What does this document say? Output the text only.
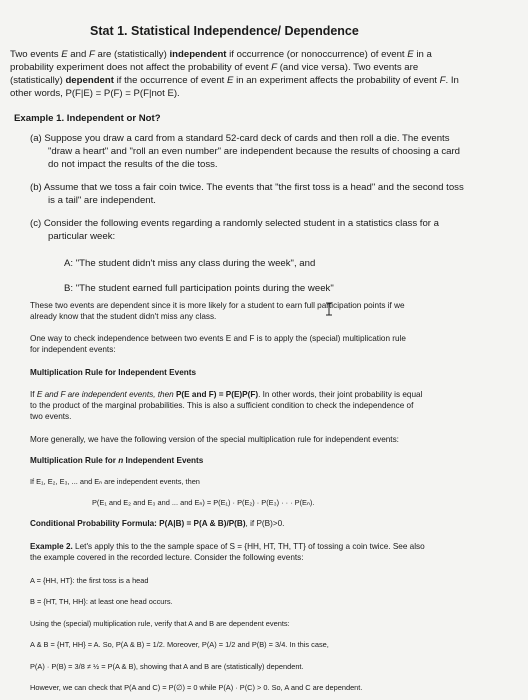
Stat 1. Statistical Independence/ Dependence
Two events E and F are (statistically) independent if occurrence (or nonoccurrence) of event E in a
probability experiment does not affect the probability of event F (and vice versa). Two events are
(statistically) dependent if the occurrence of event E in an experiment affects the probability of event F. In
other words, P(F|E) = P(F) = P(F|not E).
Example 1. Independent or Not?
(a) Suppose you draw a card from a standard 52-card deck of cards and then roll a die. The events
"draw a heart" and "roll an even number" are independent because the results of choosing a card
do not impact the results of the die toss.
(b) Assume that we toss a fair coin twice. The events that "the first toss is a head" and the second toss
is a tail" are independent.
(c) Consider the following events regarding a randomly selected student in a statistics class for a
particular week:
A: "The student didn't miss any class during the week", and
B: "The student earned full participation points during the week"
These two events are dependent since it is more likely for a student to earn full participation points if we
already know that the student didn't miss any class.
One way to check independence between two events E and F is to apply the (special) multiplication rule
for independent events:
Multiplication Rule for Independent Events
If E and F are independent events, then P(E and F) = P(E)P(F). In other words, their joint probability is equal
to the product of the marginal probabilities. This is also a sufficient condition to check the independence of
two events.
More generally, we have the following version of the special multiplication rule for independent events:
Multiplication Rule for n Independent Events
If E₁, E₂, E₃, ... and Eₙ are independent events, then
P(E₁ and E₂ and E₃ and ... and Eₙ) = P(E₁) · P(E₂) · P(E₃) · · · P(Eₙ).
Conditional Probability Formula: P(A|B) = P(A & B)/P(B), if P(B)>0.
Example 2. Let's apply this to the the sample space of S = {HH, HT, TH, TT} of tossing a coin twice. See also
the example covered in the recorded lecture. Consider the following events:
A = {HH, HT}: the first toss is a head
B = {HT, TH, HH}: at least one head occurs.
Using the (special) multiplication rule, verify that A and B are dependent events:
A & B = {HT, HH} = A. So, P(A & B) = 1/2. Moreover, P(A) = 1/2 and P(B) = 3/4. In this case,
P(A) · P(B) = 3/8 ≠ ½ = P(A & B), showing that A and B are (statistically) dependent.
However, we can check that P(A and C) = P(∅) = 0 while P(A) · P(C) > 0. So, A and C are dependent.
